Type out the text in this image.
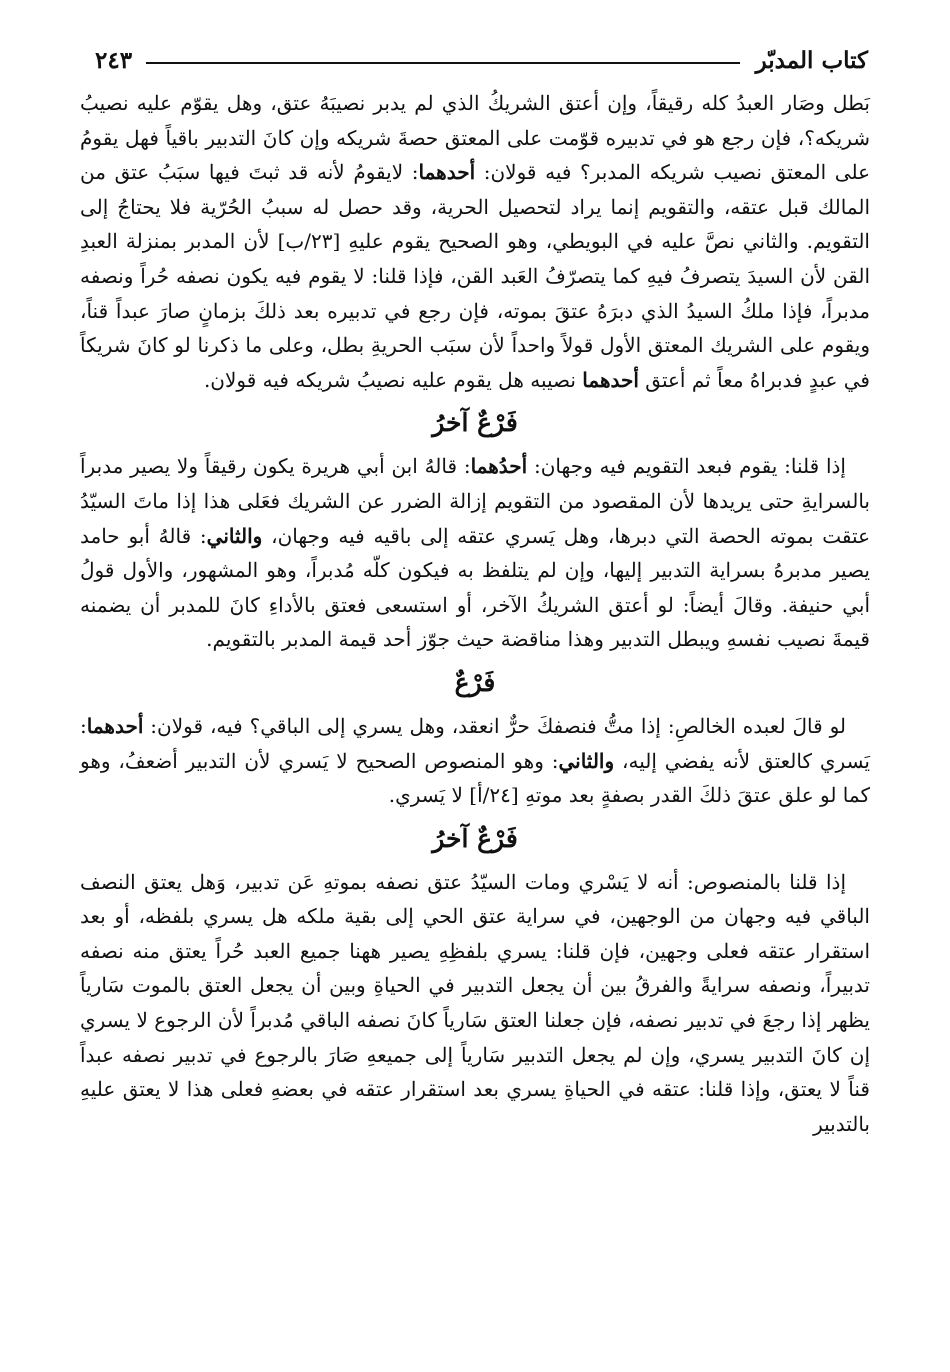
كتاب المدبّر
٢٤٣

بَطل وصَار العبدُ كله رقيقاً، وإن أعتق الشريكُ الذي لم يدبر نصيبَهُ عتق، وهل يقوّم عليه نصيبُ شريكه؟، فإن رجع هو في تدبيره قوّمت على المعتق حصةَ شريكه وإن كانَ التدبير باقياً فهل يقومُ على المعتق نصيب شريكه المدبر؟ فيه قولان: أحدهما: لايقومُ لأنه قد ثبتَ فيها سبَبُ عتق من المالك قبل عتقه، والتقويم إنما يراد لتحصيل الحرية، وقد حصل له سببُ الحُرّية فلا يحتاجُ إلى التقويم. والثاني نصَّ عليه في البويطي، وهو الصحيح يقوم عليهِ [٢٣/ب] لأن المدبر بمنزلة العبدِ القن لأن السيدَ يتصرفُ فيهِ كما يتصرّفُ العَبد القن، فإذا قلنا: لا يقوم فيه يكون نصفه حُراً ونصفه مدبراً، فإذا ملكُ السيدُ الذي دبرَهُ عتقَ بموته، فإن رجع في تدبيره بعد ذلكَ بزمانٍ صارَ عبداً قناً، ويقوم على الشريك المعتق الأول قولاً واحداً لأن سبَب الحريةِ بطل، وعلى ما ذكرنا لو كانَ شريكاً في عبدٍ فدبراهُ معاً ثم أعتق أحدهما نصيبه هل يقوم عليه نصيبُ شريكه فيه قولان.

فَرْعٌ آخرُ

إذا قلنا: يقوم فبعد التقويم فيه وجهان: أحدُهما: قالهُ ابن أبي هريرة يكون رقيقاً ولا يصير مدبراً بالسرايةِ حتى يريدها لأن المقصود من التقويم إزالة الضرر عن الشريك فعَلى هذا إذا ماتَ السيّدُ عتقت بموته الحصة التي دبرها، وهل يَسري عتقه إلى باقيه فيه وجهان، والثاني: قالهُ أبو حامد يصير مدبرهُ بسراية التدبير إليها، وإن لم يتلفظ به فيكون كلّه مُدبراً، وهو المشهور، والأول قولُ أبي حنيفة. وقالَ أيضاً: لو أعتق الشريكُ الآخر، أو استسعى فعتق بالأداءِ كانَ للمدبر أن يضمنه قيمةَ نصيب نفسهِ ويبطل التدبير وهذا مناقضة حيث جوّز أحد قيمة المدبر بالتقويم.

فَرْعٌ

لو قالَ لعبده الخالصِ: إذا متُّ فنصفكَ حرٌّ انعقد، وهل يسري إلى الباقي؟ فيه، قولان: أحدهما: يَسري كالعتق لأنه يفضي إليه، والثاني: وهو المنصوص الصحيح لا يَسري لأن التدبير أضعفُ، وهو كما لو علق عتقَ ذلكَ القدر بصفةٍ بعد موتهِ [٢٤/أ] لا يَسري.

فَرْعٌ آخرُ

إذا قلنا بالمنصوص: أنه لا يَسْري ومات السيّدُ عتق نصفه بموتهِ عَن تدبير، وَهل يعتق النصف الباقي فيه وجهان من الوجهين، في سراية عتق الحي إلى بقية ملكه هل يسري بلفظه، أو بعد استقرار عتقه فعلى وجهين، فإن قلنا: يسري بلفظِهِ يصير ههنا جميع العبد حُراً يعتق منه نصفه تدبيراً، ونصفه سرايةً والفرقُ بين أن يجعل التدبير في الحياةِ وبين أن يجعل العتق بالموت سَارياً يظهر إذا رجعَ في تدبير نصفه، فإن جعلنا العتق سَارياً كانَ نصفه الباقي مُدبراً لأن الرجوع لا يسري إن كانَ التدبير يسري، وإن لم يجعل التدبير سَارياً إلى جميعهِ صَارَ بالرجوع في تدبير نصفه عبداً قناً لا يعتق، وإذا قلنا: عتقه في الحياةِ يسري بعد استقرار عتقه في بعضهِ فعلى هذا لا يعتق عليهِ بالتدبير
